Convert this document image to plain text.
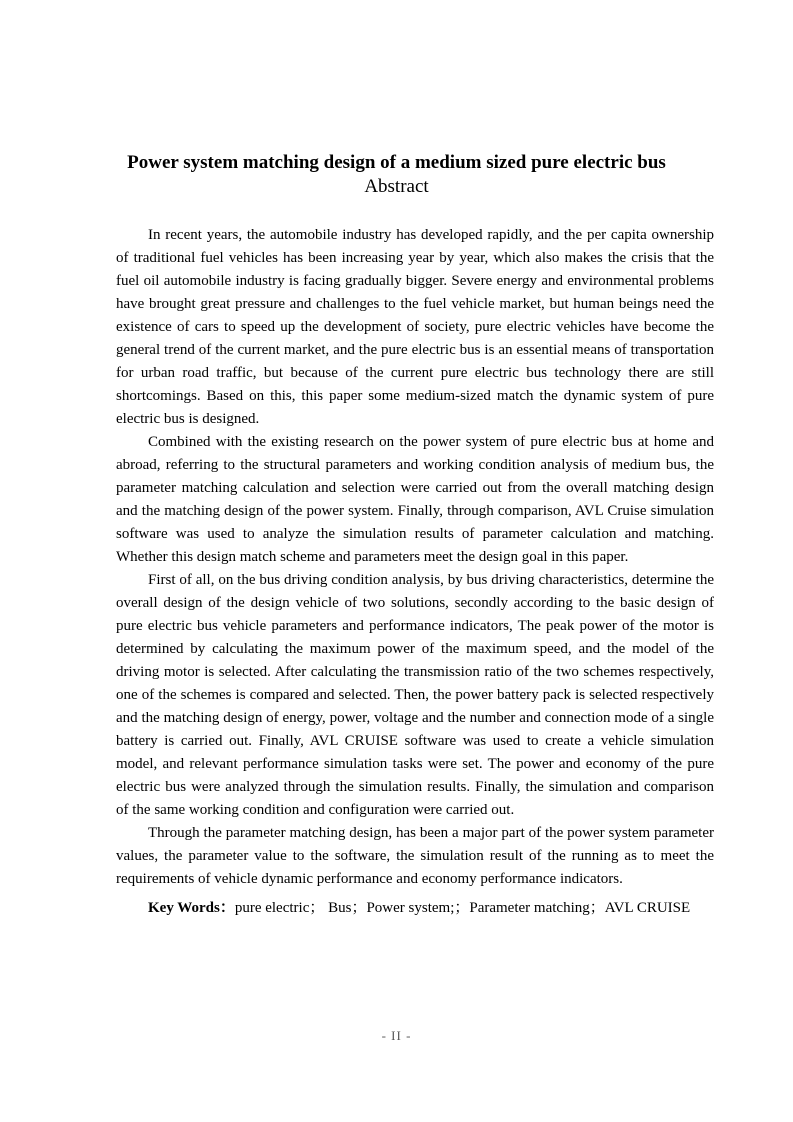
Power system matching design of a medium sized pure electric bus
Abstract

In recent years, the automobile industry has developed rapidly, and the per capita ownership of traditional fuel vehicles has been increasing year by year, which also makes the crisis that the fuel oil automobile industry is facing gradually bigger. Severe energy and environmental problems have brought great pressure and challenges to the fuel vehicle market, but human beings need the existence of cars to speed up the development of society, pure electric vehicles have become the general trend of the current market, and the pure electric bus is an essential means of transportation for urban road traffic, but because of the current pure electric bus technology there are still shortcomings. Based on this, this paper some medium-sized match the dynamic system of pure electric bus is designed.

Combined with the existing research on the power system of pure electric bus at home and abroad, referring to the structural parameters and working condition analysis of medium bus, the parameter matching calculation and selection were carried out from the overall matching design and the matching design of the power system. Finally, through comparison, AVL Cruise simulation software was used to analyze the simulation results of parameter calculation and matching. Whether this design match scheme and parameters meet the design goal in this paper.

First of all, on the bus driving condition analysis, by bus driving characteristics, determine the overall design of the design vehicle of two solutions, secondly according to the basic design of pure electric bus vehicle parameters and performance indicators, The peak power of the motor is determined by calculating the maximum power of the maximum speed, and the model of the driving motor is selected. After calculating the transmission ratio of the two schemes respectively, one of the schemes is compared and selected. Then, the power battery pack is selected respectively and the matching design of energy, power, voltage and the number and connection mode of a single battery is carried out. Finally, AVL CRUISE software was used to create a vehicle simulation model, and relevant performance simulation tasks were set. The power and economy of the pure electric bus were analyzed through the simulation results. Finally, the simulation and comparison of the same working condition and configuration were carried out.

Through the parameter matching design, has been a major part of the power system parameter values, the parameter value to the software, the simulation result of the running as to meet the requirements of vehicle dynamic performance and economy performance indicators.

Key Words：pure electric； Bus；Power system;；Parameter matching；AVL CRUISE

- II -
